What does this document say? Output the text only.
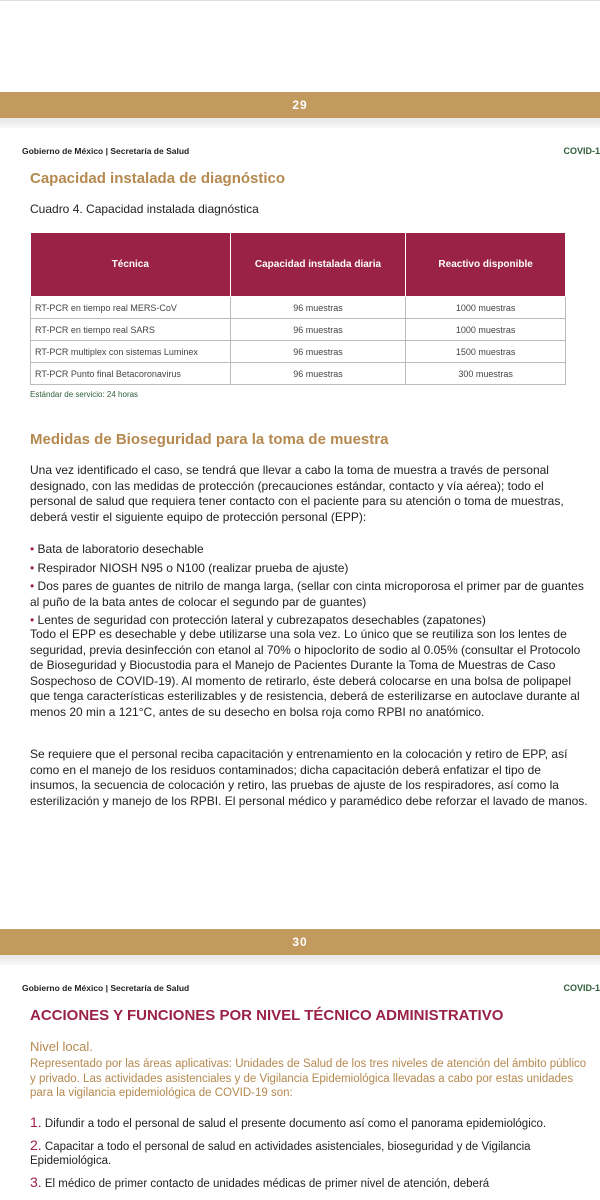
29
Gobierno de México | Secretaría de Salud	COVID-1
Capacidad instalada de diagnóstico
Cuadro 4. Capacidad instalada diagnóstica
Técnica	Capacidad instalada diaria	Reactivo disponible
RT-PCR en tiempo real MERS-CoV	96 muestras	1000 muestras
RT-PCR en tiempo real SARS	96 muestras	1000 muestras
RT-PCR multiplex con sistemas Luminex	96 muestras	1500 muestras
RT-PCR Punto final Betacoronavirus	96 muestras	300 muestras
Estándar de servicio: 24 horas
Medidas de Bioseguridad para la toma de muestra

Una vez identificado el caso, se tendrá que llevar a cabo la toma de muestra a través de personal designado, con las medidas de protección (precauciones estándar, contacto y vía aérea); todo el personal de salud que requiera tener contacto con el paciente para su atención o toma de muestras, deberá vestir el siguiente equipo de protección personal (EPP):

• Bata de laboratorio desechable
• Respirador NIOSH N95 o N100 (realizar prueba de ajuste)
• Dos pares de guantes de nitrilo de manga larga, (sellar con cinta microporosa el primer par de guantes al puño de la bata antes de colocar el segundo par de guantes)
• Lentes de seguridad con protección lateral y cubrezapatos desechables (zapatones)

Todo el EPP es desechable y debe utilizarse una sola vez. Lo único que se reutiliza son los lentes de seguridad, previa desinfección con etanol al 70% o hipoclorito de sodio al 0.05% (consultar el Protocolo de Bioseguridad y Biocustodia para el Manejo de Pacientes Durante la Toma de Muestras de Caso Sospechoso de COVID-19). Al momento de retirarlo, éste deberá colocarse en una bolsa de polipapel que tenga características esterilizables y de resistencia, deberá de esterilizarse en autoclave durante al menos 20 min a 121°C, antes de su desecho en bolsa roja como RPBI no anatómico.

Se requiere que el personal reciba capacitación y entrenamiento en la colocación y retiro de EPP, así como en el manejo de los residuos contaminados; dicha capacitación deberá enfatizar el tipo de insumos, la secuencia de colocación y retiro, las pruebas de ajuste de los respiradores, así como la esterilización y manejo de los RPBI. El personal médico y paramédico debe reforzar el lavado de manos.

30
Gobierno de México | Secretaría de Salud	COVID-1
ACCIONES Y FUNCIONES POR NIVEL TÉCNICO ADMINISTRATIVO
Nivel local.

Representado por las áreas aplicativas: Unidades de Salud de los tres niveles de atención del ámbito público y privado. Las actividades asistenciales y de Vigilancia Epidemiológica llevadas a cabo por estas unidades para la vigilancia epidemiológica de COVID-19 son:

1. Difundir a todo el personal de salud el presente documento así como el panorama epidemiológico.
2. Capacitar a todo el personal de salud en actividades asistenciales, bioseguridad y de Vigilancia Epidemiológica.
3. El médico de primer contacto de unidades médicas de primer nivel de atención, deberá
